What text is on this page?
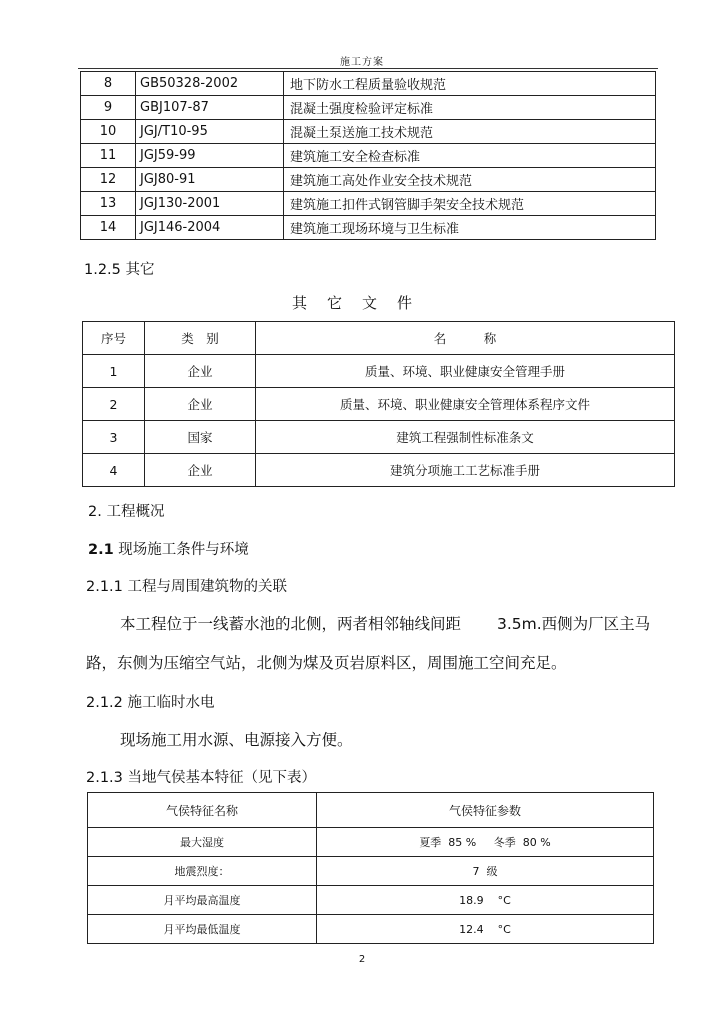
施工方案
8	GB50328-2002	地下防水工程质量验收规范
9	GBJ107-87	混凝土强度检验评定标准
10	JGJ/T10-95	混凝土泵送施工技术规范
11	JGJ59-99	建筑施工安全检查标准
12	JGJ80-91	建筑施工高处作业安全技术规范
13	JGJ130-2001	建筑施工扣件式钢管脚手架安全技术规范
14	JGJ146-2004	建筑施工现场环境与卫生标准
1.2.5 其它
其它文件
序号	类　别	名　　　称
1	企业	质量、环境、职业健康安全管理手册
2	企业	质量、环境、职业健康安全管理体系程序文件
3	国家	建筑工程强制性标准条文
4	企业	建筑分项施工工艺标准手册
2. 工程概况
2.1 现场施工条件与环境
2.1.1 工程与周围建筑物的关联
本工程位于一线蓄水池的北侧，两者相邻轴线间距 3.5m.西侧为厂区主马
路，东侧为压缩空气站，北侧为煤及页岩原料区，周围施工空间充足。
2.1.2 施工临时水电
现场施工用水源、电源接入方便。
2.1.3 当地气侯基本特征（见下表）
气侯特征名称	气侯特征参数
最大湿度	夏季  85 %     冬季  80 %
地震烈度：	7  级
月平均最高温度	18.9    °C
月平均最低温度	12.4    °C
2
